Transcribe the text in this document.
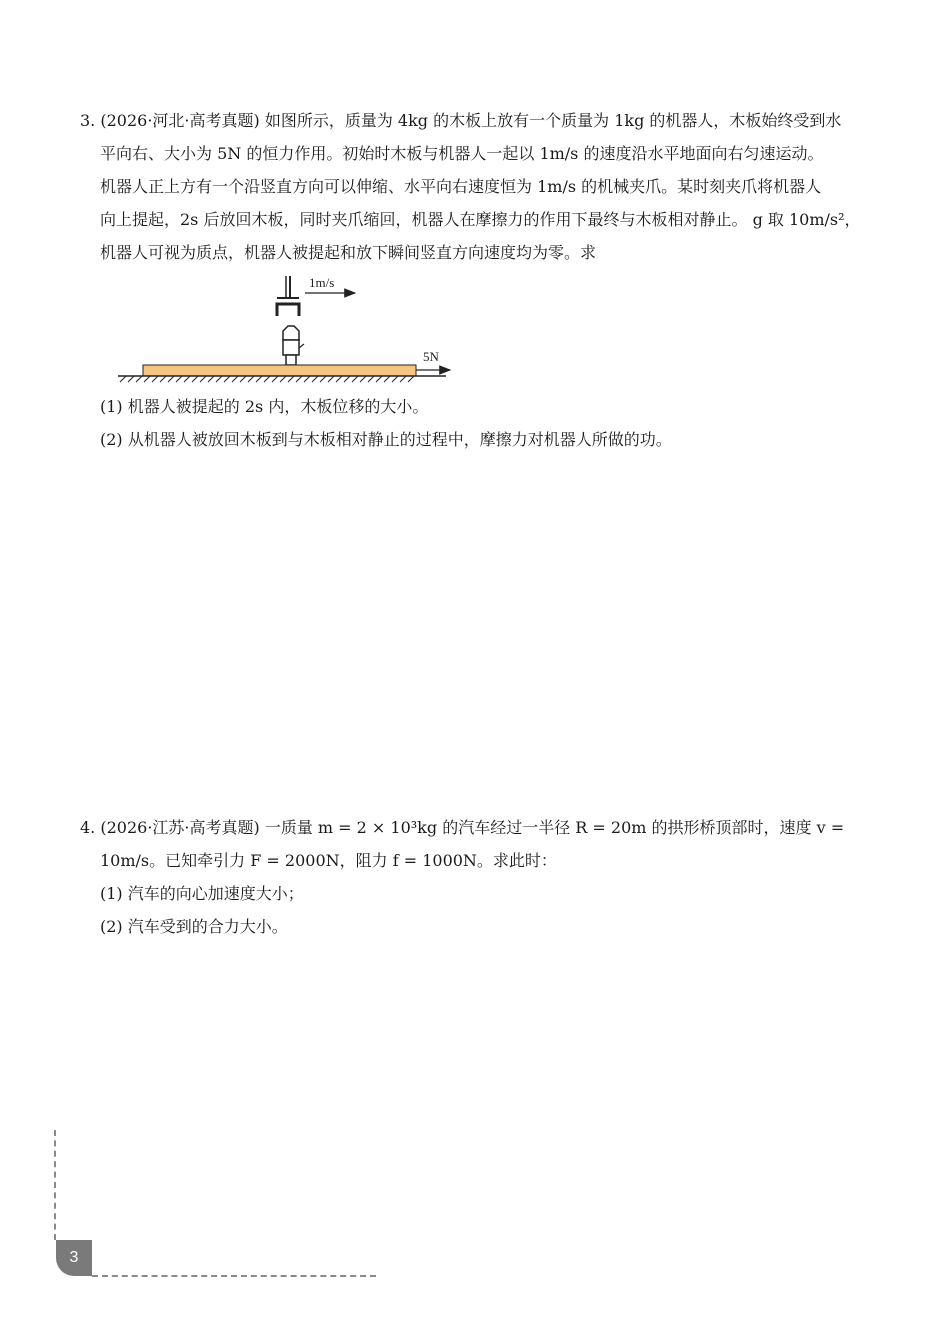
3. (2026·河北·高考真题) 如图所示，质量为 4kg 的木板上放有一个质量为 1kg 的机器人，木板始终受到水
平向右、大小为 5N 的恒力作用。初始时木板与机器人一起以 1m/s 的速度沿水平地面向右匀速运动。
机器人正上方有一个沿竖直方向可以伸缩、水平向右速度恒为 1m/s 的机械夹爪。某时刻夹爪将机器人
向上提起，2s 后放回木板，同时夹爪缩回，机器人在摩擦力的作用下最终与木板相对静止。 g 取 10m/s²，
机器人可视为质点，机器人被提起和放下瞬间竖直方向速度均为零。求
1m/s
5N
(1) 机器人被提起的 2s 内，木板位移的大小。
(2) 从机器人被放回木板到与木板相对静止的过程中，摩擦力对机器人所做的功。
4. (2026·江苏·高考真题) 一质量 m = 2 × 10³kg 的汽车经过一半径 R = 20m 的拱形桥顶部时，速度 v =
10m/s。已知牵引力 F = 2000N，阻力 f = 1000N。求此时：
(1) 汽车的向心加速度大小；
(2) 汽车受到的合力大小。
3
